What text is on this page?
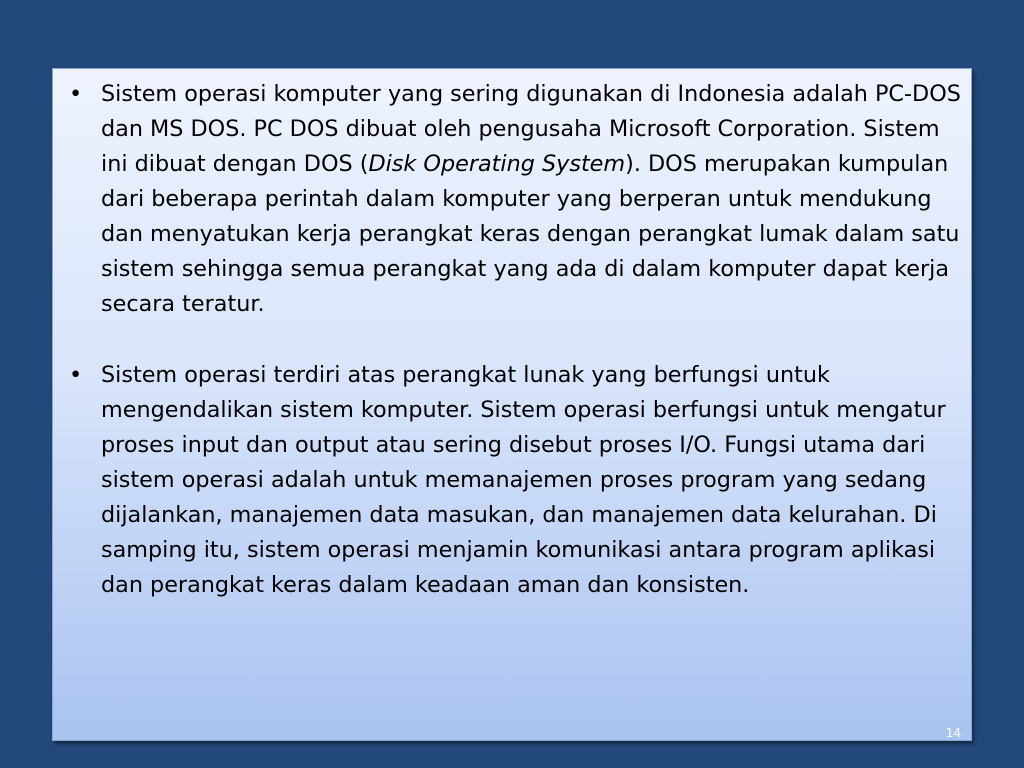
• Sistem operasi komputer yang sering digunakan di Indonesia adalah PC-DOS dan MS DOS. PC DOS dibuat oleh pengusaha Microsoft Corporation. Sistem ini dibuat dengan DOS (Disk Operating System). DOS merupakan kumpulan dari beberapa perintah dalam komputer yang berperan untuk mendukung dan menyatukan kerja perangkat keras dengan perangkat lumak dalam satu sistem sehingga semua perangkat yang ada di dalam komputer dapat kerja secara teratur.
• Sistem operasi terdiri atas perangkat lunak yang berfungsi untuk mengendalikan sistem komputer. Sistem operasi berfungsi untuk mengatur proses input dan output atau sering disebut proses I/O. Fungsi utama dari sistem operasi adalah untuk memanajemen proses program yang sedang dijalankan, manajemen data masukan, dan manajemen data kelurahan. Di samping itu, sistem operasi menjamin komunikasi antara program aplikasi dan perangkat keras dalam keadaan aman dan konsisten.
14
